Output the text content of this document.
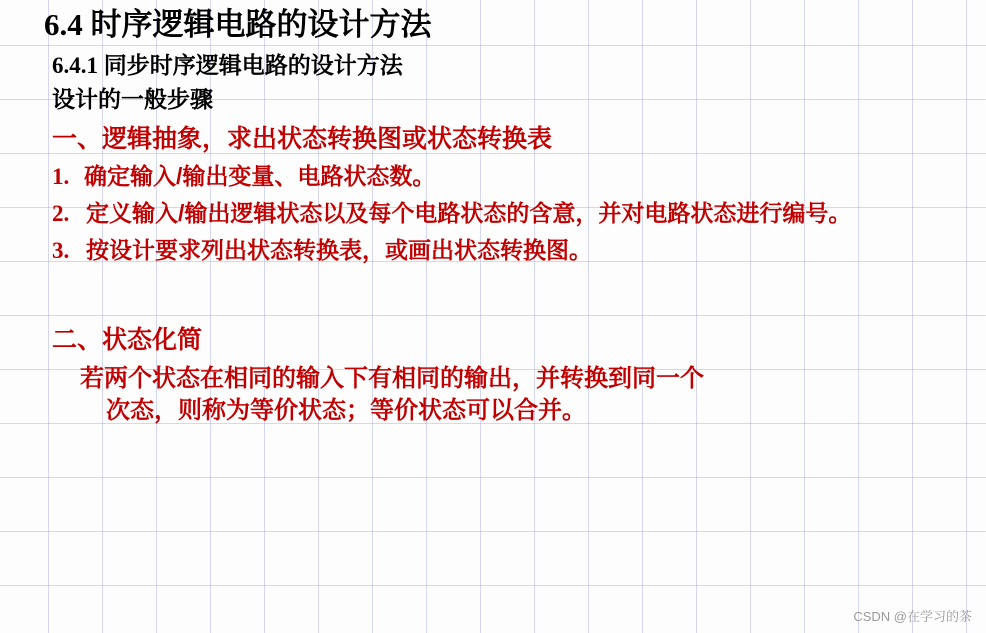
6.4 时序逻辑电路的设计方法
6.4.1 同步时序逻辑电路的设计方法
设计的一般步骤
一、逻辑抽象，求出状态转换图或状态转换表
1. 确定输入/输出变量、电路状态数。
2. 定义输入/输出逻辑状态以及每个电路状态的含意，并对电路状态进行编号。
3. 按设计要求列出状态转换表，或画出状态转换图。
二、状态化简
若两个状态在相同的输入下有相同的输出，并转换到同一个
次态，则称为等价状态；等价状态可以合并。
CSDN @在学习的茶
